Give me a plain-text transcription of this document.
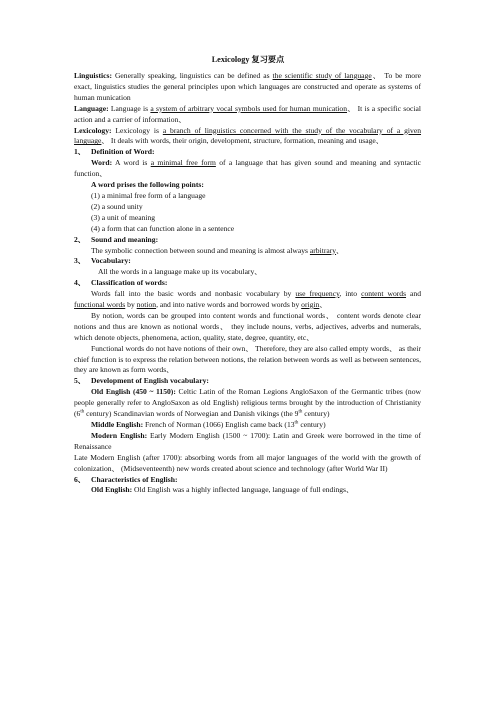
Lexicology 复习要点

Linguistics: Generally speaking, linguistics can be defined as the scientific study of language、 To be more exact, linguistics studies the general principles upon which languages are constructed and operate as systems of human munication

Language: Language is a system of arbitrary vocal symbols used for human munication、 It is a specific social action and a carrier of information、

Lexicology: Lexicology is a branch of linguistics concerned with the study of the vocabulary of a given language、 It deals with words, their origin, development, structure, formation, meaning and usage、

1、 Definition of Word:

Word: A word is a minimal free form of a language that has given sound and meaning and syntactic function、

A word prises the following points:

(1) a minimal free form of a language

(2) a sound unity

(3) a unit of meaning

(4) a form that can function alone in a sentence

2、 Sound and meaning:

The symbolic connection between sound and meaning is almost always arbitrary、

3、 Vocabulary:

All the words in a language make up its vocabulary、

4、 Classification of words:

Words fall into the basic words and nonbasic vocabulary by use frequency, into content words and functional words by notion, and into native words and borrowed words by origin、

By notion, words can be grouped into content words and functional words、 content words denote clear notions and thus are known as notional words、 they include nouns, verbs, adjectives, adverbs and numerals, which denote objects, phenomena, action, quality, state, degree, quantity, etc、

Functional words do not have notions of their own、 Therefore, they are also called empty words、 as their chief function is to express the relation between notions, the relation between words as well as between sentences, they are known as form words、

5、 Development of English vocabulary:

Old English (450 ~ 1150): Celtic Latin of the Roman Legions AngloSaxon of the Germantic tribes (now people generally refer to AngloSaxon as old English) religious terms brought by the introduction of Christianity (6th century) Scandinavian words of Norwegian and Danish vikings (the 9th century)

Middle English: French of Norman (1066) English came back (13th century)

Modern English: Early Modern English (1500 ~ 1700): Latin and Greek were borrowed in the time of Renaissance

Late Modern English (after 1700): absorbing words from all major languages of the world with the growth of colonization、 (Midseventeenth) new words created about science and technology (after World War II)

6、 Characteristics of English:

Old English: Old English was a highly inflected language, language of full endings、
